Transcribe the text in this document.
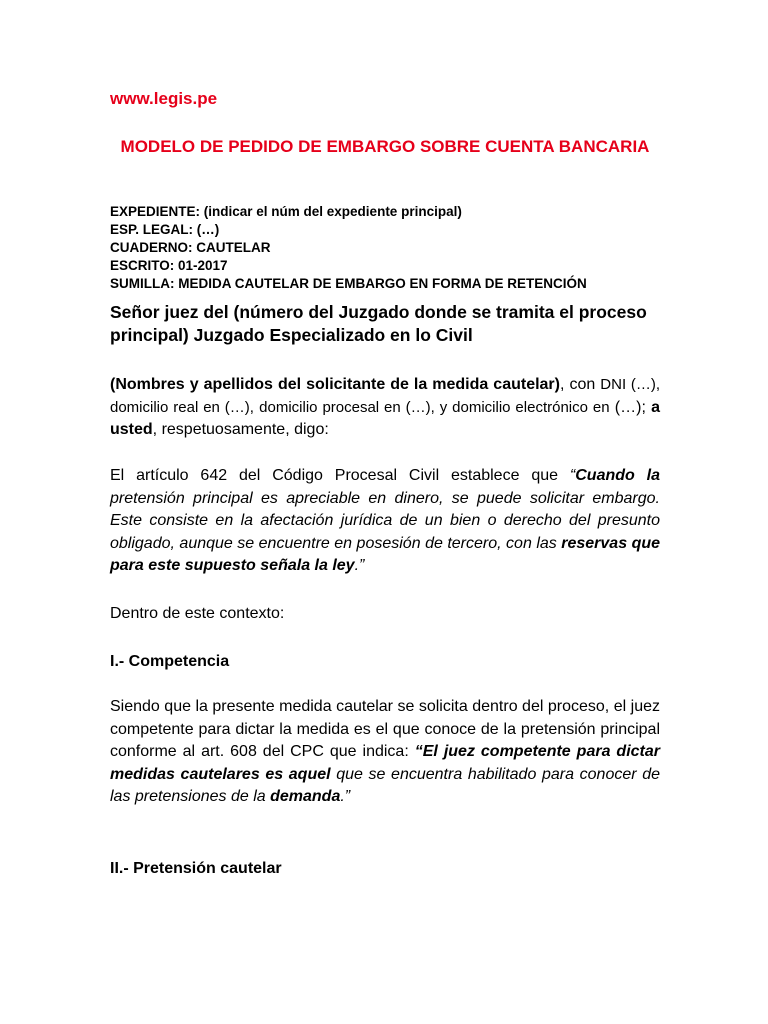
www.legis.pe
MODELO DE PEDIDO DE EMBARGO SOBRE CUENTA BANCARIA
EXPEDIENTE: (indicar el núm del expediente principal)
ESP. LEGAL: (…)
CUADERNO: CAUTELAR
ESCRITO: 01-2017
SUMILLA: MEDIDA CAUTELAR DE EMBARGO EN FORMA DE RETENCIÓN

Señor juez del (número del Juzgado donde se tramita el proceso principal) Juzgado Especializado en lo Civil

(Nombres y apellidos del solicitante de la medida cautelar), con DNI (…), domicilio real en (…), domicilio procesal en (…), y domicilio electrónico en (…); a usted, respetuosamente, digo:

El artículo 642 del Código Procesal Civil establece que “Cuando la pretensión principal es apreciable en dinero, se puede solicitar embargo. Este consiste en la afectación jurídica de un bien o derecho del presunto obligado, aunque se encuentre en posesión de tercero, con las reservas que para este supuesto señala la ley.”

Dentro de este contexto:

I.- Competencia

Siendo que la presente medida cautelar se solicita dentro del proceso, el juez competente para dictar la medida es el que conoce de la pretensión principal conforme al art. 608 del CPC que indica: “El juez competente para dictar medidas cautelares es aquel que se encuentra habilitado para conocer de las pretensiones de la demanda.”

II.- Pretensión cautelar
